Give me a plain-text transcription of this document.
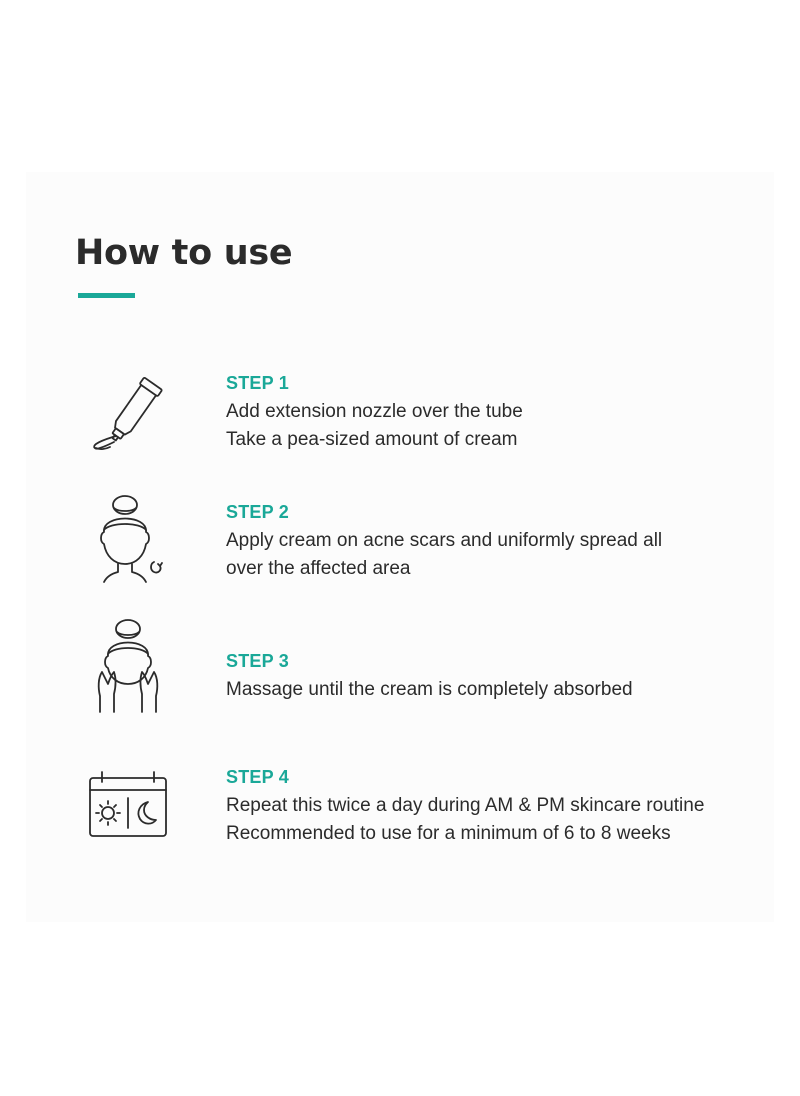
How to use
STEP 1
Add extension nozzle over the tube
Take a pea-sized amount of cream
STEP 2
Apply cream on acne scars and uniformly spread all
over the affected area
STEP 3
Massage until the cream is completely absorbed
STEP 4
Repeat this twice a day during AM & PM skincare routine
Recommended to use for a minimum of 6 to 8 weeks
